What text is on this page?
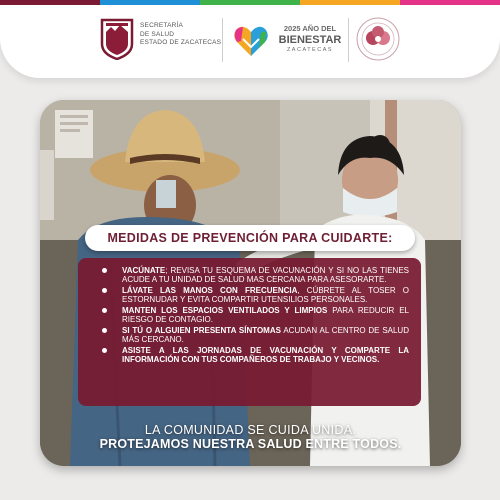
SECRETARÍA
DE SALUD
ESTADO DE ZACATECAS
2025 AÑO DEL
BIENESTAR
ZACATECAS
MEDIDAS DE PREVENCIÓN PARA CUIDARTE:
VACÚNATE; REVISA TU ESQUEMA DE VACUNACIÓN Y SI NO LAS TIENES ACUDE A TU UNIDAD DE SALUD MAS CERCANA PARA ASESORARTE.
LÁVATE LAS MANOS CON FRECUENCIA, CÚBRETE AL TOSER O ESTORNUDAR Y EVITA COMPARTIR UTENSILIOS PERSONALES.
MANTEN LOS ESPACIOS VENTILADOS Y LIMPIOS PARA REDUCIR EL RIESGO DE CONTAGIO.
SI TÚ O ALGUIEN PRESENTA SÍNTOMAS ACUDAN AL CENTRO DE SALUD MÁS CERCANO.
ASISTE A LAS JORNADAS DE VACUNACIÓN Y COMPARTE LA INFORMACIÓN CON TUS COMPAÑEROS DE TRABAJO Y VECINOS.
LA COMUNIDAD SE CUIDA UNIDA.
PROTEJAMOS NUESTRA SALUD ENTRE TODOS.
